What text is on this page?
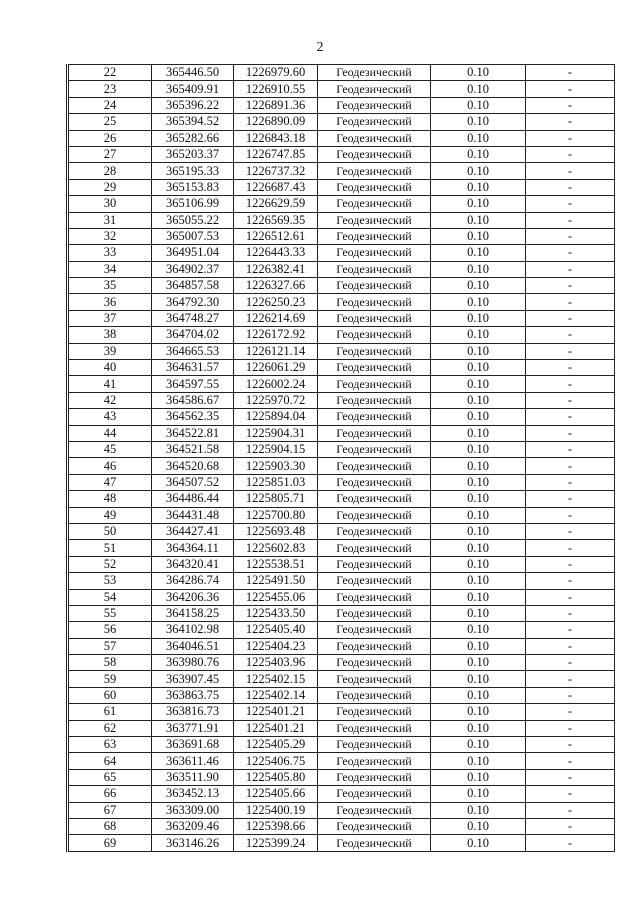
2
22	365446.50	1226979.60	Геодезический	0.10	-
23	365409.91	1226910.55	Геодезический	0.10	-
24	365396.22	1226891.36	Геодезический	0.10	-
25	365394.52	1226890.09	Геодезический	0.10	-
26	365282.66	1226843.18	Геодезический	0.10	-
27	365203.37	1226747.85	Геодезический	0.10	-
28	365195.33	1226737.32	Геодезический	0.10	-
29	365153.83	1226687.43	Геодезический	0.10	-
30	365106.99	1226629.59	Геодезический	0.10	-
31	365055.22	1226569.35	Геодезический	0.10	-
32	365007.53	1226512.61	Геодезический	0.10	-
33	364951.04	1226443.33	Геодезический	0.10	-
34	364902.37	1226382.41	Геодезический	0.10	-
35	364857.58	1226327.66	Геодезический	0.10	-
36	364792.30	1226250.23	Геодезический	0.10	-
37	364748.27	1226214.69	Геодезический	0.10	-
38	364704.02	1226172.92	Геодезический	0.10	-
39	364665.53	1226121.14	Геодезический	0.10	-
40	364631.57	1226061.29	Геодезический	0.10	-
41	364597.55	1226002.24	Геодезический	0.10	-
42	364586.67	1225970.72	Геодезический	0.10	-
43	364562.35	1225894.04	Геодезический	0.10	-
44	364522.81	1225904.31	Геодезический	0.10	-
45	364521.58	1225904.15	Геодезический	0.10	-
46	364520.68	1225903.30	Геодезический	0.10	-
47	364507.52	1225851.03	Геодезический	0.10	-
48	364486.44	1225805.71	Геодезический	0.10	-
49	364431.48	1225700.80	Геодезический	0.10	-
50	364427.41	1225693.48	Геодезический	0.10	-
51	364364.11	1225602.83	Геодезический	0.10	-
52	364320.41	1225538.51	Геодезический	0.10	-
53	364286.74	1225491.50	Геодезический	0.10	-
54	364206.36	1225455.06	Геодезический	0.10	-
55	364158.25	1225433.50	Геодезический	0.10	-
56	364102.98	1225405.40	Геодезический	0.10	-
57	364046.51	1225404.23	Геодезический	0.10	-
58	363980.76	1225403.96	Геодезический	0.10	-
59	363907.45	1225402.15	Геодезический	0.10	-
60	363863.75	1225402.14	Геодезический	0.10	-
61	363816.73	1225401.21	Геодезический	0.10	-
62	363771.91	1225401.21	Геодезический	0.10	-
63	363691.68	1225405.29	Геодезический	0.10	-
64	363611.46	1225406.75	Геодезический	0.10	-
65	363511.90	1225405.80	Геодезический	0.10	-
66	363452.13	1225405.66	Геодезический	0.10	-
67	363309.00	1225400.19	Геодезический	0.10	-
68	363209.46	1225398.66	Геодезический	0.10	-
69	363146.26	1225399.24	Геодезический	0.10	-
